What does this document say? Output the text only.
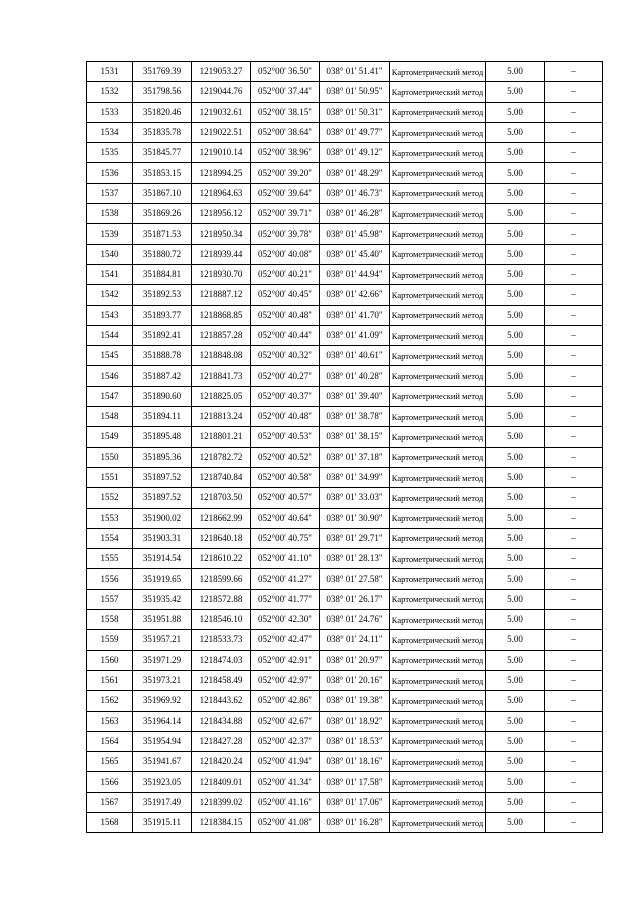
1531	351769.39	1219053.27	052°00' 36.50"	038° 01' 51.41"	Картометрический метод	5.00	–
1532	351798.56	1219044.76	052°00' 37.44"	038° 01' 50.95"	Картометрический метод	5.00	–
1533	351820.46	1219032.61	052°00' 38.15"	038° 01' 50.31"	Картометрический метод	5.00	–
1534	351835.78	1219022.51	052°00' 38.64"	038° 01' 49.77"	Картометрический метод	5.00	–
1535	351845.77	1219010.14	052°00' 38.96"	038° 01' 49.12"	Картометрический метод	5.00	–
1536	351853.15	1218994.25	052°00' 39.20"	038° 01' 48.29"	Картометрический метод	5.00	–
1537	351867.10	1218964.63	052°00' 39.64"	038° 01' 46.73"	Картометрический метод	5.00	–
1538	351869.26	1218956.12	052°00' 39.71"	038° 01' 46.28"	Картометрический метод	5.00	–
1539	351871.53	1218950.34	052°00' 39.78"	038° 01' 45.98"	Картометрический метод	5.00	–
1540	351880.72	1218939.44	052°00' 40.08"	038° 01' 45.40"	Картометрический метод	5.00	–
1541	351884.81	1218930.70	052°00' 40.21"	038° 01' 44.94"	Картометрический метод	5.00	–
1542	351892.53	1218887.12	052°00' 40.45"	038° 01' 42.66"	Картометрический метод	5.00	–
1543	351893.77	1218868.85	052°00' 40.48"	038° 01' 41.70"	Картометрический метод	5.00	–
1544	351892.41	1218857.28	052°00' 40.44"	038° 01' 41.09"	Картометрический метод	5.00	–
1545	351888.78	1218848.08	052°00' 40.32"	038° 01' 40.61"	Картометрический метод	5.00	–
1546	351887.42	1218841.73	052°00' 40.27"	038° 01' 40.28"	Картометрический метод	5.00	–
1547	351890.60	1218825.05	052°00' 40.37"	038° 01' 39.40"	Картометрический метод	5.00	–
1548	351894.11	1218813.24	052°00' 40.48"	038° 01' 38.78"	Картометрический метод	5.00	–
1549	351895.48	1218801.21	052°00' 40.53"	038° 01' 38.15"	Картометрический метод	5.00	–
1550	351895.36	1218782.72	052°00' 40.52"	038° 01' 37.18"	Картометрический метод	5.00	–
1551	351897.52	1218740.84	052°00' 40.58"	038° 01' 34.99"	Картометрический метод	5.00	–
1552	351897.52	1218703.50	052°00' 40.57"	038° 01' 33.03"	Картометрический метод	5.00	–
1553	351900.02	1218662.99	052°00' 40.64"	038° 01' 30.90"	Картометрический метод	5.00	–
1554	351903.31	1218640.18	052°00' 40.75"	038° 01' 29.71"	Картометрический метод	5.00	–
1555	351914.54	1218610.22	052°00' 41.10"	038° 01' 28.13"	Картометрический метод	5.00	–
1556	351919.65	1218599.66	052°00' 41.27"	038° 01' 27.58"	Картометрический метод	5.00	–
1557	351935.42	1218572.88	052°00' 41.77"	038° 01' 26.17"	Картометрический метод	5.00	–
1558	351951.88	1218546.10	052°00' 42.30"	038° 01' 24.76"	Картометрический метод	5.00	–
1559	351957.21	1218533.73	052°00' 42.47"	038° 01' 24.11"	Картометрический метод	5.00	–
1560	351971.29	1218474.03	052°00' 42.91"	038° 01' 20.97"	Картометрический метод	5.00	–
1561	351973.21	1218458.49	052°00' 42.97"	038° 01' 20.16"	Картометрический метод	5.00	–
1562	351969.92	1218443.62	052°00' 42.86"	038° 01' 19.38"	Картометрический метод	5.00	–
1563	351964.14	1218434.88	052°00' 42.67"	038° 01' 18.92"	Картометрический метод	5.00	–
1564	351954.94	1218427.28	052°00' 42.37"	038° 01' 18.53"	Картометрический метод	5.00	–
1565	351941.67	1218420.24	052°00' 41.94"	038° 01' 18.16"	Картометрический метод	5.00	–
1566	351923.05	1218409.01	052°00' 41.34"	038° 01' 17.58"	Картометрический метод	5.00	–
1567	351917.49	1218399.02	052°00' 41.16"	038° 01' 17.06"	Картометрический метод	5.00	–
1568	351915.11	1218384.15	052°00' 41.08"	038° 01' 16.28"	Картометрический метод	5.00	–
